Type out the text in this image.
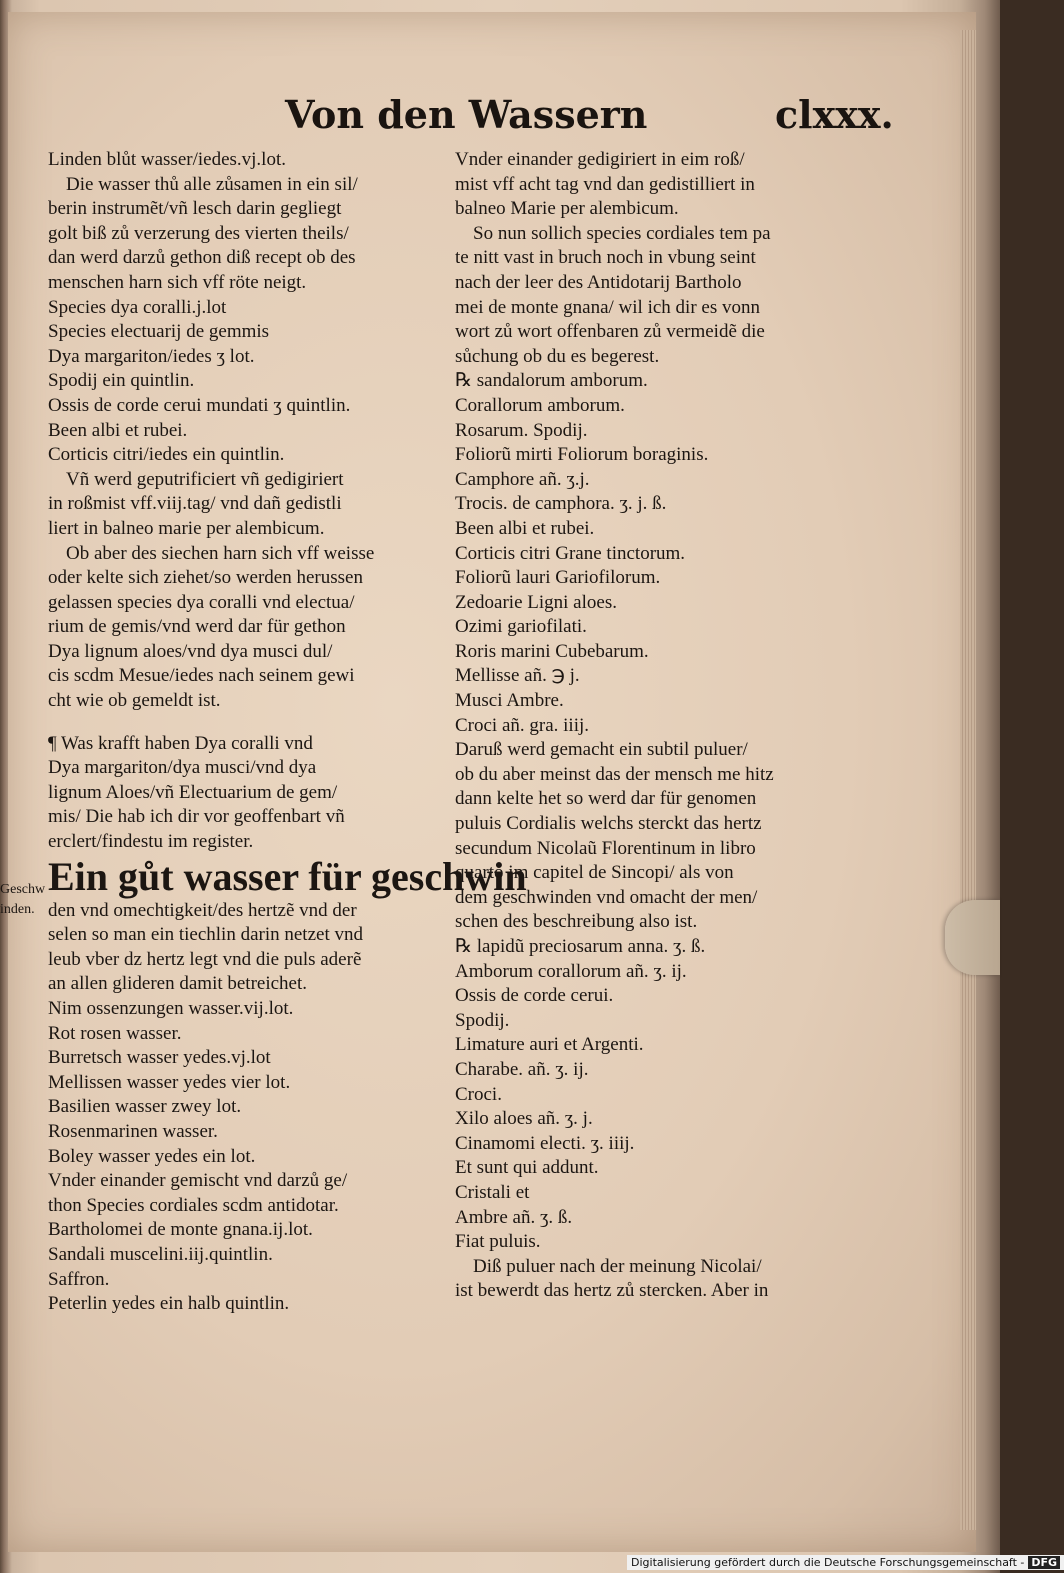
Von den Wassern	clxxx.
Geschw inden.
Linden blůt wasser/iedes.vj.lot.
Die wasser thů alle zůsamen in ein sil/
berin instrumẽt/vñ lesch darin gegliegt
golt biß zů verzerung des vierten theils/
dan werd darzů gethon diß recept ob des
menschen harn sich vff röte neigt.
Species dya coralli.j.lot
Species electuarij de gemmis
Dya margariton/iedes ʒ lot.
Spodij ein quintlin.
Ossis de corde cerui mundati ʒ quintlin.
Been albi et rubei.
Corticis citri/iedes ein quintlin.
Vñ werd geputrificiert vñ gedigiriert
in roßmist vff.viij.tag/ vnd dañ gedistli
liert in balneo marie per alembicum.
Ob aber des siechen harn sich vff weisse
oder kelte sich ziehet/so werden herussen
gelassen species dya coralli vnd electua/
rium de gemis/vnd werd dar für gethon
Dya lignum aloes/vnd dya musci dul/
cis scdm Mesue/iedes nach seinem gewi
cht wie ob gemeldt ist.
¶ Was krafft haben Dya coralli vnd
Dya margariton/dya musci/vnd dya
lignum Aloes/vñ Electuarium de gem/
mis/ Die hab ich dir vor geoffenbart vñ
erclert/findestu im register.
Ein gůt wasser für geschwin
den vnd omechtigkeit/des hertzẽ vnd der
selen so man ein tiechlin darin netzet vnd
leub vber dz hertz legt vnd die puls aderẽ
an allen glideren damit betreichet.
Nim ossenzungen wasser.vij.lot.
Rot rosen wasser.
Burretsch wasser yedes.vj.lot
Mellissen wasser yedes vier lot.
Basilien wasser zwey lot.
Rosenmarinen wasser.
Boley wasser yedes ein lot.
Vnder einander gemischt vnd darzů ge/
thon Species cordiales scdm antidotar.
Bartholomei de monte gnana.ij.lot.
Sandali muscelini.iij.quintlin.
Saffron.
Peterlin yedes ein halb quintlin.
Vnder einander gedigiriert in eim roß/
mist vff acht tag vnd dan gedistilliert in
balneo Marie per alembicum.
So nun sollich species cordiales tem pa
te nitt vast in bruch noch in vbung seint
nach der leer des Antidotarij Bartholo
mei de monte gnana/ wil ich dir es vonn
wort zů wort offenbaren zů vermeidẽ die
sůchung ob du es begerest.
℞ sandalorum amborum.
Corallorum amborum.
Rosarum. Spodij.
Foliorũ mirti Foliorum boraginis.
Camphore añ. ʒ.j.
Trocis. de camphora. ʒ. j. ß.
Been albi et rubei.
Corticis citri Grane tinctorum.
Foliorũ lauri Gariofilorum.
Zedoarie Ligni aloes.
Ozimi gariofilati.
Roris marini Cubebarum.
Mellisse añ. ℈ j.
Musci Ambre.
Croci añ. gra. iiij.
Daruß werd gemacht ein subtil puluer/
ob du aber meinst das der mensch me hitz
dann kelte het so werd dar für genomen
puluis Cordialis welchs sterckt das hertz
secundum Nicolaũ Florentinum in libro
quarto im capitel de Sincopi/ als von
dem geschwinden vnd omacht der men/
schen des beschreibung also ist.
℞ lapidũ preciosarum anna. ʒ. ß.
Amborum corallorum añ. ʒ. ij.
Ossis de corde cerui.
Spodij.
Limature auri et Argenti.
Charabe. añ. ʒ. ij.
Croci.
Xilo aloes añ. ʒ. j.
Cinamomi electi. ʒ. iiij.
Et sunt qui addunt.
Cristali et
Ambre añ. ʒ. ß.
Fiat puluis.
Diß puluer nach der meinung Nicolai/
ist bewerdt das hertz zů stercken. Aber in
Digitalisierung gefördert durch die Deutsche Forschungsgemeinschaft - DFG
